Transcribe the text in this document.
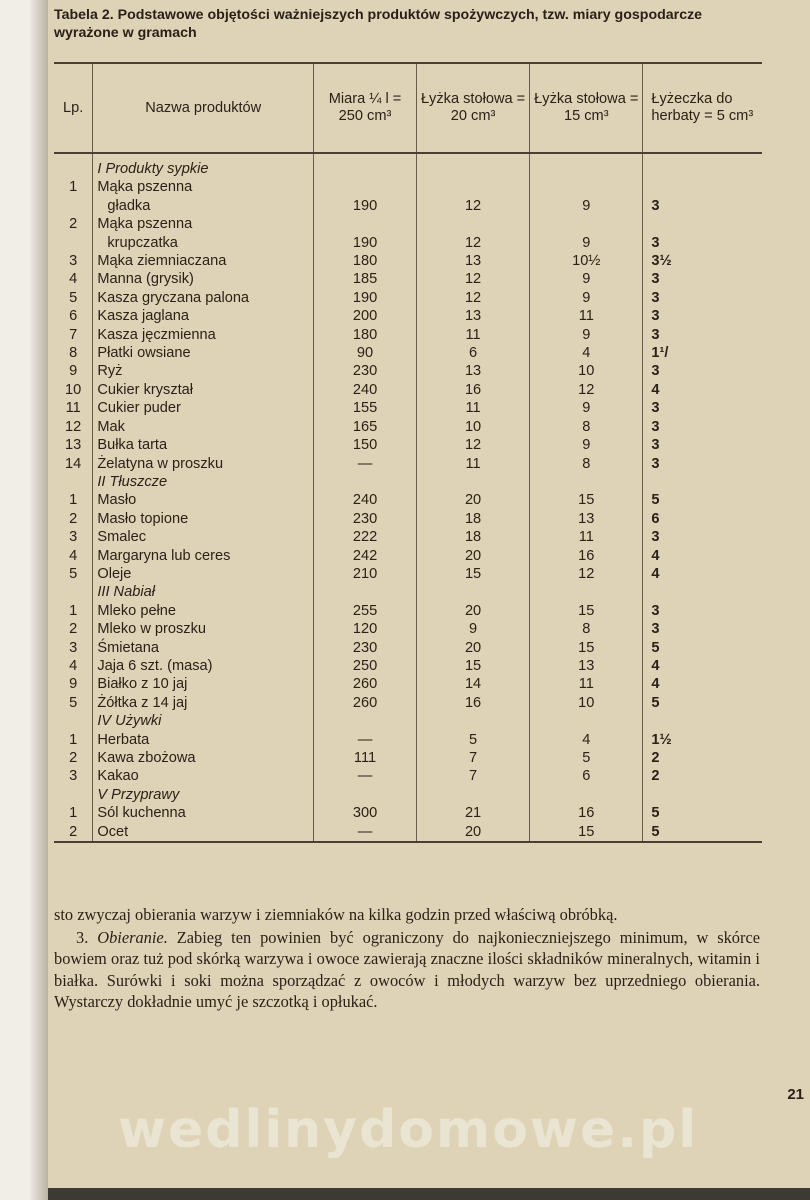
Tabela 2. Podstawowe objętości ważniejszych produktów spożywczych, tzw. miary gospodarcze wyrażone w gramach
Lp.	Nazwa produktów	Miara ¼ l = 250 cm³	Łyżka stołowa = 20 cm³	Łyżka stołowa = 15 cm³	Łyżeczka do herbaty = 5 cm³
	I Produkty sypkie				
1	Mąka pszenna				
	gładka	190	12	9	3
2	Mąka pszenna				
	krupczatka	190	12	9	3
3	Mąka ziemniaczana	180	13	10½	3½
4	Manna (grysik)	185	12	9	3
5	Kasza gryczana palona	190	12	9	3
6	Kasza jaglana	200	13	11	3
7	Kasza jęczmienna	180	11	9	3
8	Płatki owsiane	90	6	4	1¹/
9	Ryż	230	13	10	3
10	Cukier kryształ	240	16	12	4
11	Cukier puder	155	11	9	3
12	Mak	165	10	8	3
13	Bułka tarta	150	12	9	3
14	Żelatyna w proszku	—	11	8	3
	II Tłuszcze				
1	Masło	240	20	15	5
2	Masło topione	230	18	13	6
3	Smalec	222	18	11	3
4	Margaryna lub ceres	242	20	16	4
5	Oleje	210	15	12	4
	III Nabiał				
1	Mleko pełne	255	20	15	3
2	Mleko w proszku	120	9	8	3
3	Śmietana	230	20	15	5
4	Jaja 6 szt. (masa)	250	15	13	4
9	Białko z 10 jaj	260	14	11	4
5	Żółtka z 14 jaj	260	16	10	5
	IV Używki				
1	Herbata	—	5	4	1½
2	Kawa zbożowa	111	7	5	2
3	Kakao	—	7	6	2
	V Przyprawy				
1	Sól kuchenna	300	21	16	5
2	Ocet	—	20	15	5

sto zwyczaj obierania warzyw i ziemniaków na kilka godzin przed właściwą obróbką.

3. Obieranie. Zabieg ten powinien być ograniczony do najkonieczniejszego minimum, w skórce bowiem oraz tuż pod skórką warzywa i owoce zawierają znaczne ilości składników mineralnych, witamin i białka. Surówki i soki można sporządzać z owoców i młodych warzyw bez uprzedniego obierania. Wystarczy dokładnie umyć je szczotką i opłukać.

21
wedlinydomowe.pl
